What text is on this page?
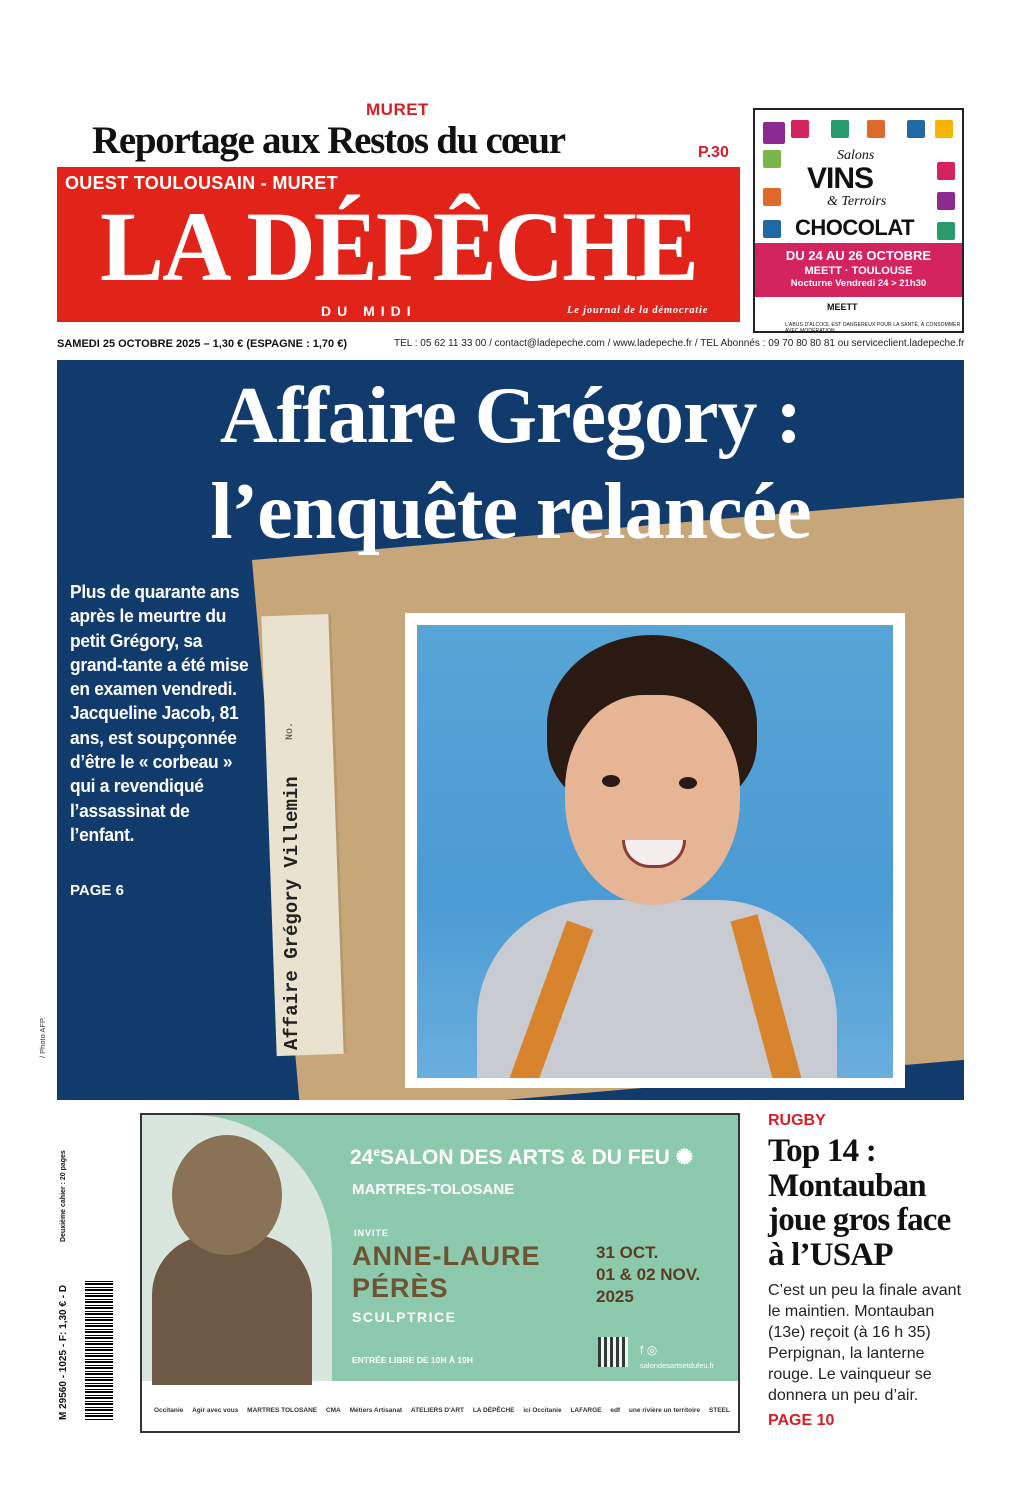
MURET
Reportage aux Restos du cœur	P.30
OUEST TOULOUSAIN - MURET
LA DÉPÊCHE
DU MIDI	Le journal de la démocratie
Salons
VINS
& Terroirs
CHOCOLAT
DU 24 AU 26 OCTOBRE
MEETT · TOULOUSE
Nocturne Vendredi 24 > 21h30
MEETT
L'ABUS D'ALCOOL EST DANGEREUX POUR LA SANTÉ, À CONSOMMER AVEC MODÉRATION
SAMEDI 25 OCTOBRE 2025 – 1,30 € (ESPAGNE : 1,70 €)	TEL : 05 62 11 33 00 / contact@ladepeche.com / www.ladepeche.fr / TEL Abonnés : 09 70 80 80 81 ou serviceclient.ladepeche.fr
No.
Affaire Grégory Villemin
Affaire Grégory :
l’enquête relancée
Plus de quarante ans après le meurtre du petit Grégory, sa grand-tante a été mise en examen vendredi. Jacqueline Jacob, 81 ans, est soupçonnée d’être le « corbeau » qui a revendiqué l’assassinat de l’enfant.
PAGE 6
/ Photo AFP.
Deuxième cahier : 20 pages
M 29560 - 1025 - F: 1,30 € - D
24eSALON DES ARTS & DU FEU ✺
MARTRES-TOLOSANE
INVITE
ANNE-LAURE
PÉRÈS
SCULPTRICE
31 OCT.
01 & 02 NOV.
2025
ENTRÉE LIBRE DE 10H À 19H
f ◎
salondesartsetdufeu.fr
Occitanie Agir avec vous MARTRES TOLOSANE CMA Métiers Artisanat ATELIERS D'ART LA DÉPÊCHE ici Occitanie LAFARGE edf une rivière un territoire STEEL
RUGBY
Top 14 : Montauban joue gros face à l’USAP
C’est un peu la finale avant le maintien. Montauban (13e) reçoit (à 16 h 35) Perpignan, la lanterne rouge. Le vainqueur se donnera un peu d’air.
PAGE 10
